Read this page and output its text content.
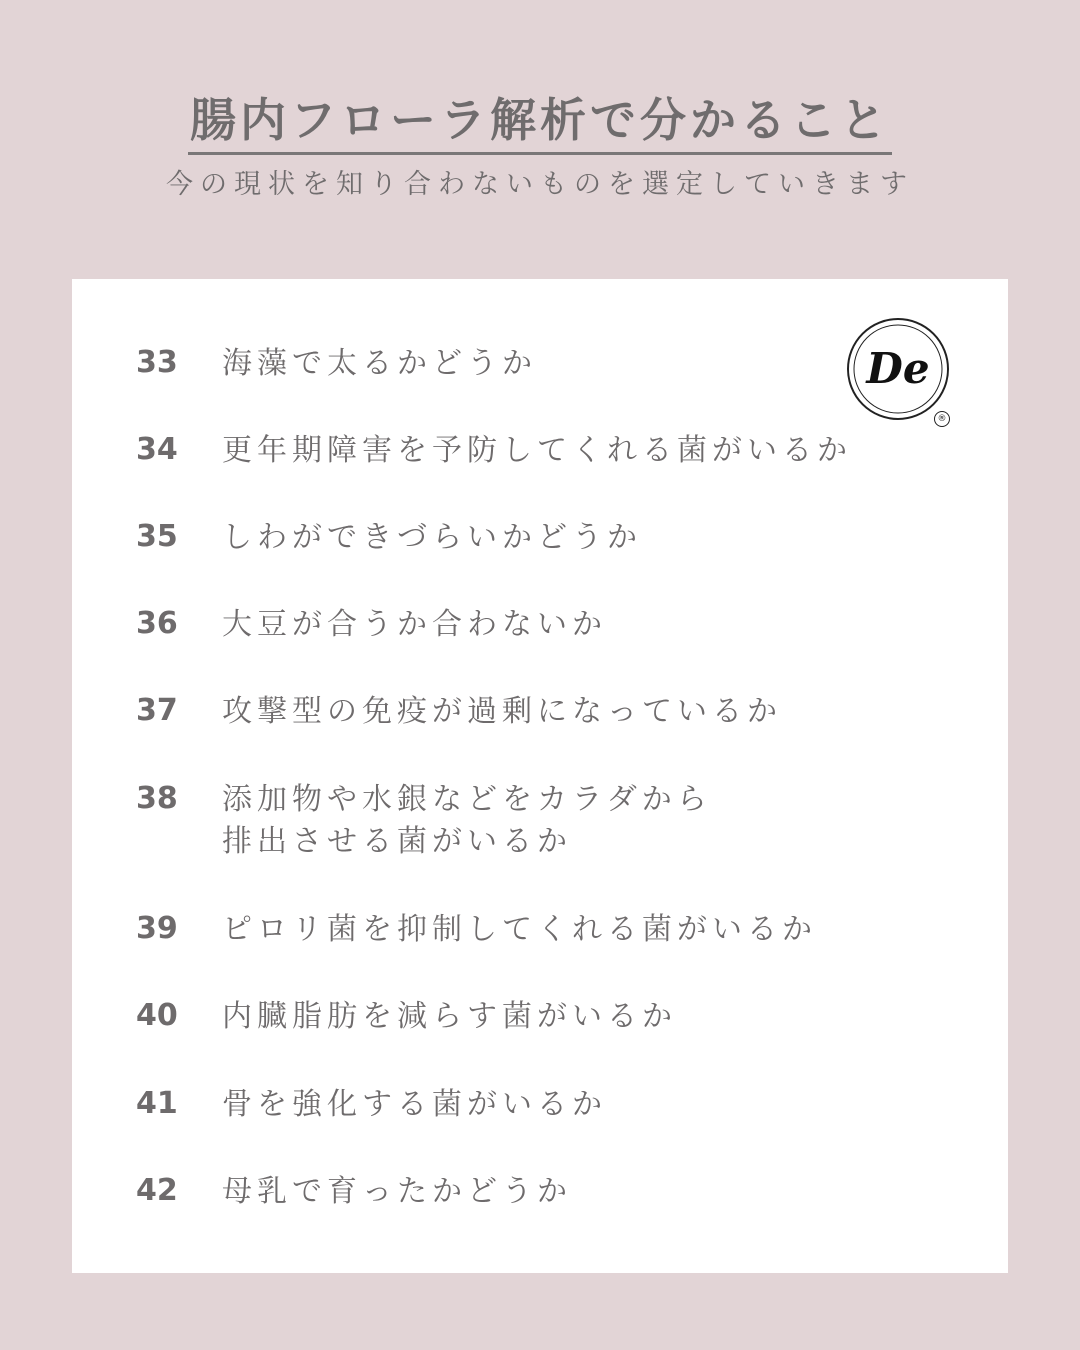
腸内フローラ解析で分かること
今の現状を知り合わないものを選定していきます
De
®
33	海藻で太るかどうか
34	更年期障害を予防してくれる菌がいるか
35	しわができづらいかどうか
36	大豆が合うか合わないか
37	攻撃型の免疫が過剰になっているか
38	添加物や水銀などをカラダから
排出させる菌がいるか
39	ピロリ菌を抑制してくれる菌がいるか
40	内臓脂肪を減らす菌がいるか
41	骨を強化する菌がいるか
42	母乳で育ったかどうか
